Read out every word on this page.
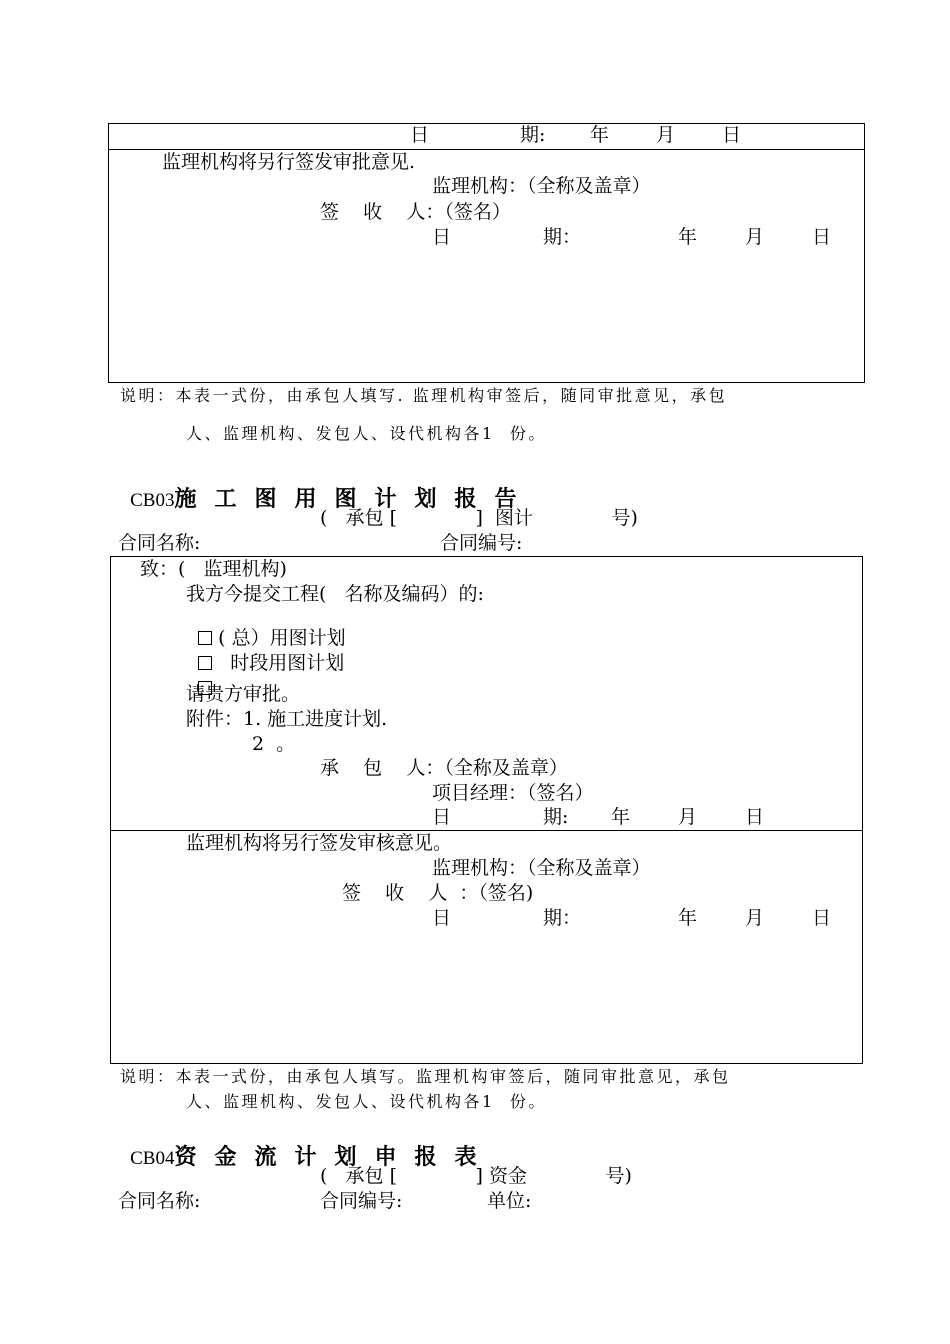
日	期: 年 月 日
监理机构将另行签发审批意见.
监理机构：（全称及盖章）
签    收    人：（签名）
日	期：	年	月	日
说明：本表一式份，由承包人填写. 监理机构审签后，随同审批意见，承包
人、监理机构、发包人、设代机构各1  份。

CB03施工图用图计划报告

(   承包 [             ]  图计             号)
合同名称:	合同编号:
致：(   监理机构)
我方今提交工程(   名称及编码）的:

( 总）用图计划

时段用图计划

请贵方审批。
附件：1. 施工进度计划.
2  。
承    包    人：（全称及盖章）
项目经理：（签名）
日	期: 年	月	日
监理机构将另行签发审核意见。
监理机构：（全称及盖章）
签    收    人  ：（签名)
日	期：	年	月	日
说明：本表一式份，由承包人填写。监理机构审签后，随同审批意见，承包
人、监理机构、发包人、设代机构各1  份。

CB04资金流计划申报表

(   承包 [             ] 资金             号)
合同名称:	合同编号:	单位:
